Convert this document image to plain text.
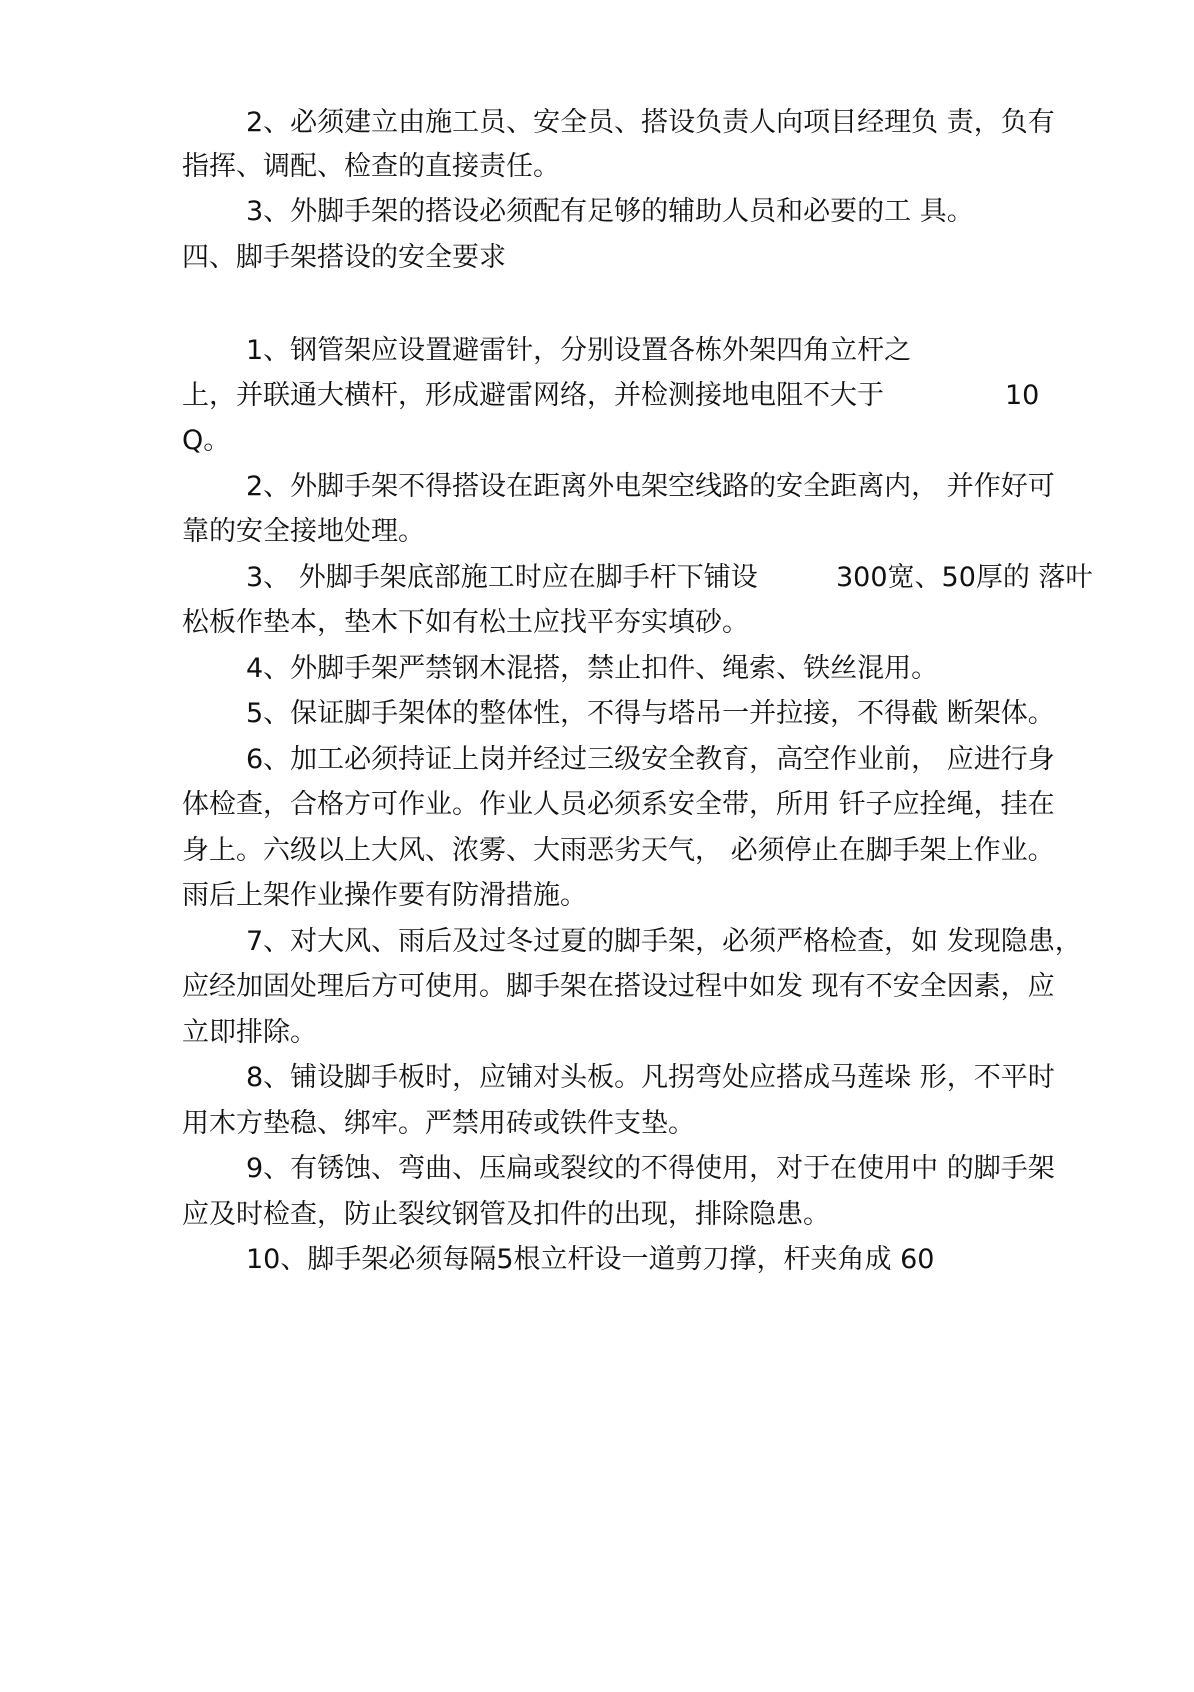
2、必须建立由施工员、安全员、搭设负责人向项目经理负 责，负有
指挥、调配、检查的直接责任。
3、外脚手架的搭设必须配有足够的辅助人员和必要的工 具。
四、脚手架搭设的安全要求
1、钢管架应设置避雷针，分别设置各栋外架四角立杆之
上，并联通大横杆，形成避雷网络，并检测接地电阻不大于	10
Q。
2、外脚手架不得搭设在距离外电架空线路的安全距离内， 并作好可
靠的安全接地处理。
3、 外脚手架底部施工时应在脚手杆下铺设	300宽、50厚的 落叶
松板作垫本，垫木下如有松土应找平夯实填砂。
4、外脚手架严禁钢木混搭，禁止扣件、绳索、铁丝混用。
5、保证脚手架体的整体性，不得与塔吊一并拉接，不得截 断架体。
6、加工必须持证上岗并经过三级安全教育，高空作业前， 应进行身
体检查，合格方可作业。作业人员必须系安全带，所用 钎子应拴绳，挂在
身上。六级以上大风、浓雾、大雨恶劣天气， 必须停止在脚手架上作业。
雨后上架作业操作要有防滑措施。
7、对大风、雨后及过冬过夏的脚手架，必须严格检查，如 发现隐患，
应经加固处理后方可使用。脚手架在搭设过程中如发 现有不安全因素，应
立即排除。
8、铺设脚手板时，应铺对头板。凡拐弯处应搭成马莲垛 形，不平时
用木方垫稳、绑牢。严禁用砖或铁件支垫。
9、有锈蚀、弯曲、压扁或裂纹的不得使用，对于在使用中 的脚手架
应及时检查，防止裂纹钢管及扣件的出现，排除隐患。
10、脚手架必须每隔5根立杆设一道剪刀撑，杆夹角成 60
